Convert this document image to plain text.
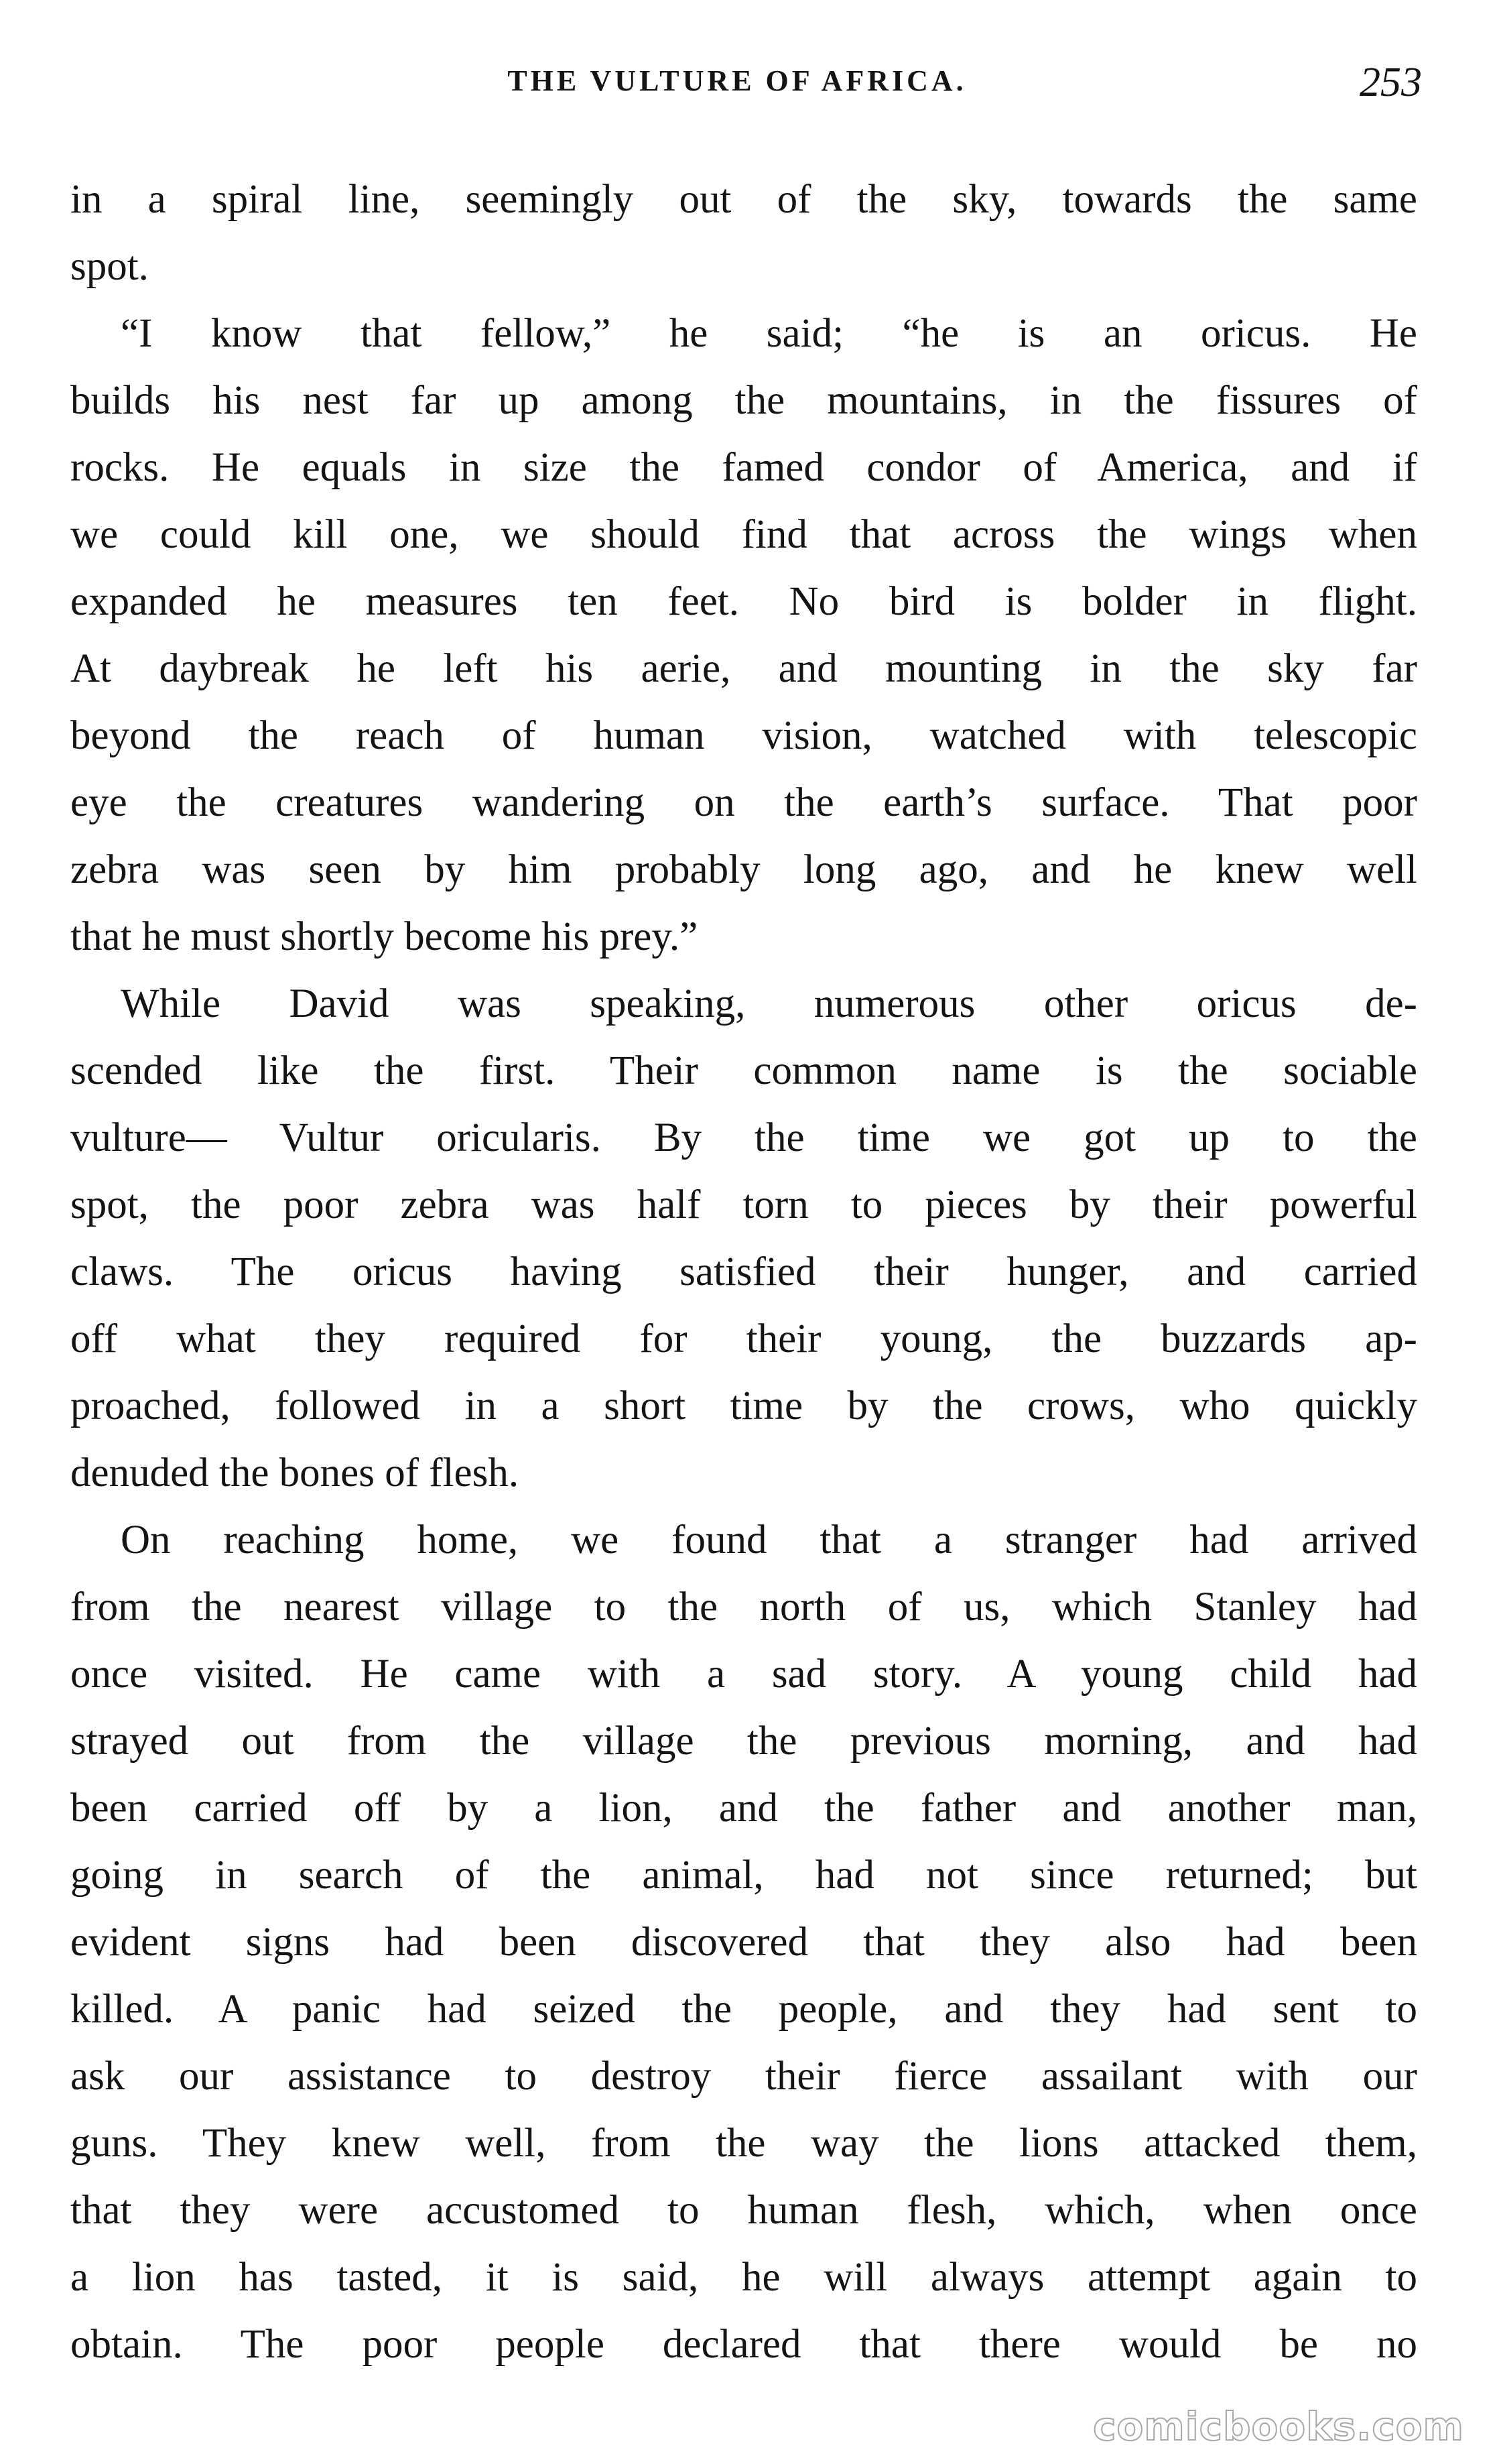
THE VULTURE OF AFRICA.	253
in a spiral line, seemingly out of the sky, towards the same
spot.
“I know that fellow,” he said; “he is an oricus. He
builds his nest far up among the mountains, in the fissures of
rocks. He equals in size the famed condor of America, and if
we could kill one, we should find that across the wings when
expanded he measures ten feet. No bird is bolder in flight.
At daybreak he left his aerie, and mounting in the sky far
beyond the reach of human vision, watched with telescopic
eye the creatures wandering on the earth’s surface. That poor
zebra was seen by him probably long ago, and he knew well
that he must shortly become his prey.”
While David was speaking, numerous other oricus de-
scended like the first. Their common name is the sociable
vulture— Vultur oricularis. By the time we got up to the
spot, the poor zebra was half torn to pieces by their powerful
claws. The oricus having satisfied their hunger, and carried
off what they required for their young, the buzzards ap-
proached, followed in a short time by the crows, who quickly
denuded the bones of flesh.
On reaching home, we found that a stranger had arrived
from the nearest village to the north of us, which Stanley had
once visited. He came with a sad story. A young child had
strayed out from the village the previous morning, and had
been carried off by a lion, and the father and another man,
going in search of the animal, had not since returned; but
evident signs had been discovered that they also had been
killed. A panic had seized the people, and they had sent to
ask our assistance to destroy their fierce assailant with our
guns. They knew well, from the way the lions attacked them,
that they were accustomed to human flesh, which, when once
a lion has tasted, it is said, he will always attempt again to
obtain. The poor people declared that there would be no
comicbooks.com
